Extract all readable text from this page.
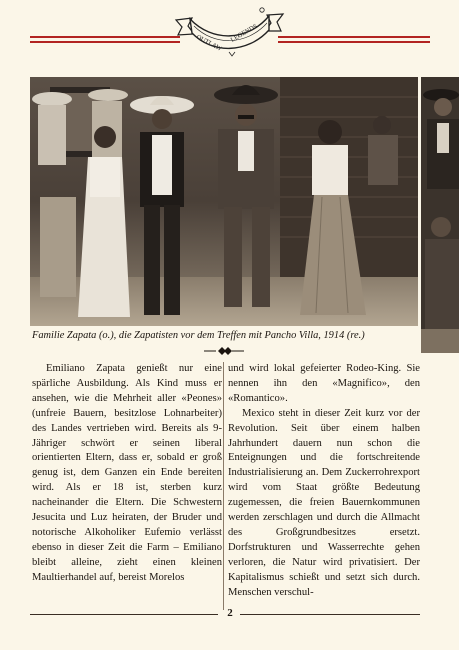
OUTLAW LEGENDS
Familie Zapata (o.), die Zapatisten vor dem Treffen mit Pancho Villa, 1914 (re.)

Emiliano Zapata genießt nur eine spärliche Ausbildung. Als Kind muss er ansehen, wie die Mehrheit aller «Peones» (unfreie Bauern, besitzlose Lohnarbeiter) des Landes vertrieben wird. Bereits als 9-Jähriger schwört er seinen liberal orientierten Eltern, dass er, sobald er groß genug ist, dem Ganzen ein Ende bereiten wird. Als er 18 ist, sterben kurz nacheinander die Eltern. Die Schwestern Jesucita und Luz heiraten, der Bruder und notorische Alkoholiker Eufemio verlässt ebenso in dieser Zeit die Farm – Emiliano bleibt alleine, zieht einen kleinen Maultierhandel auf, bereist Morelos

und wird lokal gefeierter Rodeo-King. Sie nennen ihn den «Magnifico», den «Romantico».

Mexico steht in dieser Zeit kurz vor der Revolution. Seit über einem halben Jahrhundert dauern nun schon die Enteignungen und die fortschreitende Industrialisierung an. Dem Zuckerrohrexport wird vom Staat größte Bedeutung zugemessen, die freien Bauernkommunen werden zerschlagen und durch die Allmacht des Großgrundbesitzes ersetzt. Dorfstrukturen und Wasserrechte gehen verloren, die Natur wird privatisiert. Der Kapitalismus schießt und setzt sich durch. Menschen verschul-

2
